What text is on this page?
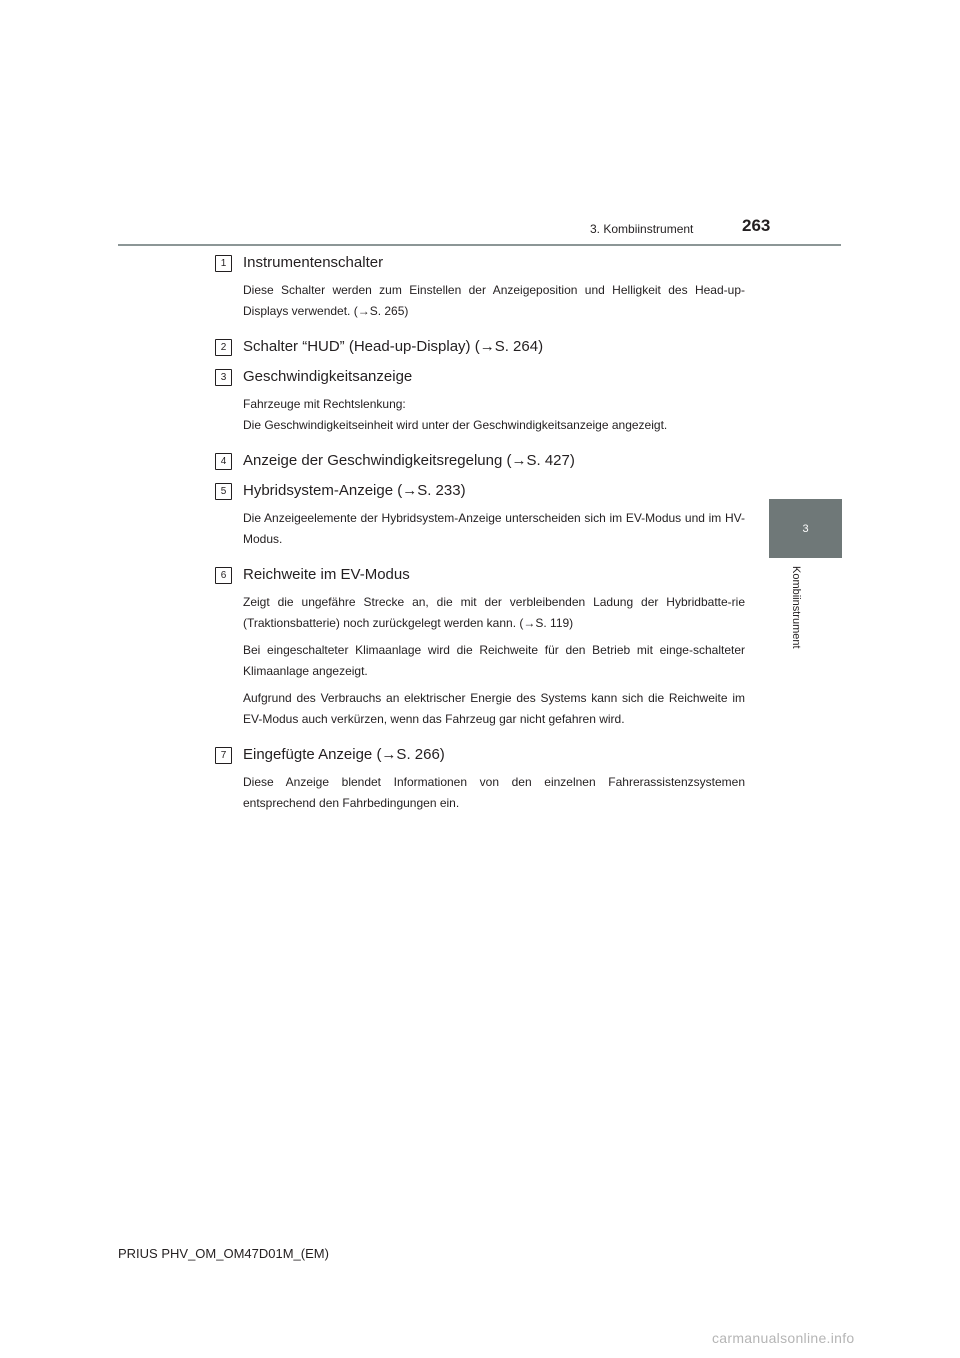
3. Kombiinstrument	263
3
Kombiinstrument
1	Instrumentenschalter

Diese Schalter werden zum Einstellen der Anzeigeposition und Helligkeit des Head-up-Displays verwendet. (→S. 265)

2	Schalter “HUD” (Head-up-Display) (→S. 264)
3	Geschwindigkeitsanzeige

Fahrzeuge mit Rechtslenkung:

Die Geschwindigkeitseinheit wird unter der Geschwindigkeitsanzeige angezeigt.

4	Anzeige der Geschwindigkeitsregelung (→S. 427)
5	Hybridsystem-Anzeige (→S. 233)

Die Anzeigeelemente der Hybridsystem-Anzeige unterscheiden sich im EV-Modus und im HV-Modus.

6	Reichweite im EV-Modus

Zeigt die ungefähre Strecke an, die mit der verbleibenden Ladung der Hybridbatte-rie (Traktionsbatterie) noch zurückgelegt werden kann. (→S. 119)

Bei eingeschalteter Klimaanlage wird die Reichweite für den Betrieb mit einge-schalteter Klimaanlage angezeigt.

Aufgrund des Verbrauchs an elektrischer Energie des Systems kann sich die Reichweite im EV-Modus auch verkürzen, wenn das Fahrzeug gar nicht gefahren wird.

7	Eingefügte Anzeige (→S. 266)

Diese Anzeige blendet Informationen von den einzelnen Fahrerassistenzsystemen entsprechend den Fahrbedingungen ein.

PRIUS PHV_OM_OM47D01M_(EM)
carmanualsonline.info
